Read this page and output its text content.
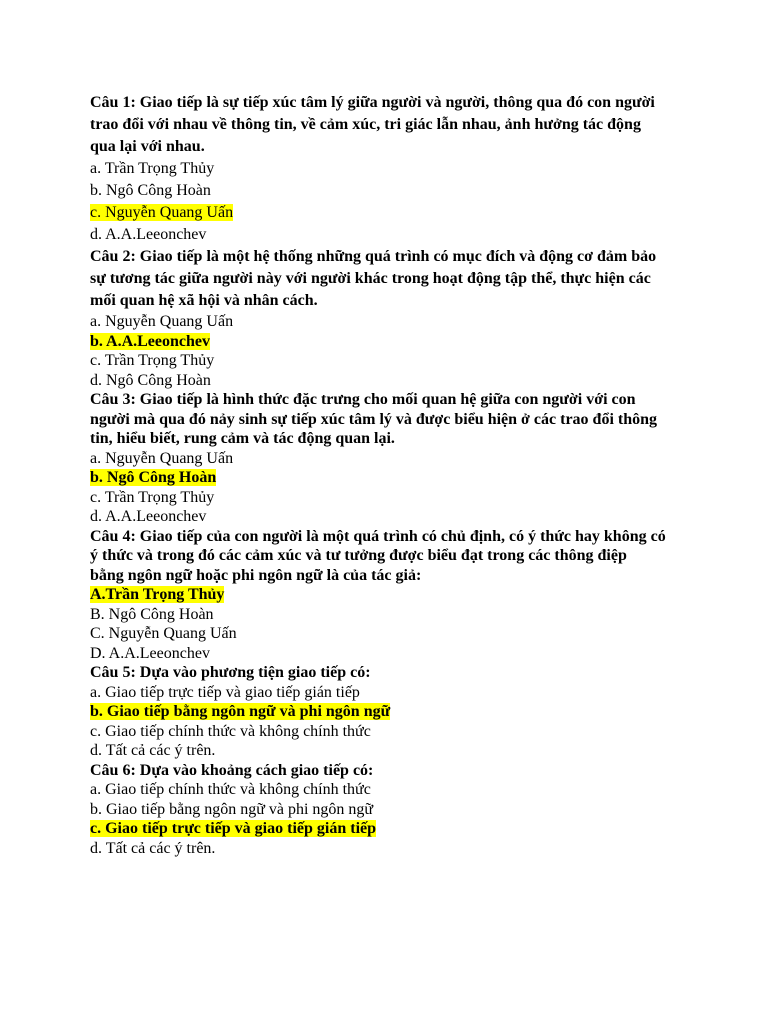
Câu 1: Giao tiếp là sự tiếp xúc tâm lý giữa người và người, thông qua đó con người
trao đổi với nhau về thông tin, về cảm xúc, tri giác lẫn nhau, ảnh hưởng tác động
qua lại với nhau.
a. Trần Trọng Thủy
b. Ngô Công Hoàn
c. Nguyễn Quang Uấn
d. A.A.Leeonchev
Câu 2: Giao tiếp là một hệ thống những quá trình có mục đích và động cơ đảm bảo
sự tương tác giữa người này với người khác trong hoạt động tập thể, thực hiện các
mối quan hệ xã hội và nhân cách.
a. Nguyễn Quang Uấn
b. A.A.Leeonchev
c. Trần Trọng Thủy
d. Ngô Công Hoàn
Câu 3: Giao tiếp là hình thức đặc trưng cho mối quan hệ giữa con người với con
người mà qua đó nảy sinh sự tiếp xúc tâm lý và được biểu hiện ở các trao đổi thông
tin, hiểu biết, rung cảm và tác động quan lại.
a. Nguyễn Quang Uấn
b. Ngô Công Hoàn
c. Trần Trọng Thủy
d. A.A.Leeonchev
Câu 4: Giao tiếp của con người là một quá trình có chủ định, có ý thức hay không có
ý thức và trong đó các cảm xúc và tư tưởng được biểu đạt trong các thông điệp
bằng ngôn ngữ hoặc phi ngôn ngữ là của tác giả:
A.Trần Trọng Thủy
B. Ngô Công Hoàn
C. Nguyễn Quang Uấn
D. A.A.Leeonchev
Câu 5: Dựa vào phương tiện giao tiếp có:
a. Giao tiếp trực tiếp và giao tiếp gián tiếp
b. Giao tiếp bằng ngôn ngữ và phi ngôn ngữ
c. Giao tiếp chính thức và không chính thức
d. Tất cả các ý trên.
Câu 6: Dựa vào khoảng cách giao tiếp có:
a. Giao tiếp chính thức và không chính thức
b. Giao tiếp bằng ngôn ngữ và phi ngôn ngữ
c. Giao tiếp trực tiếp và giao tiếp gián tiếp
d. Tất cả các ý trên.
